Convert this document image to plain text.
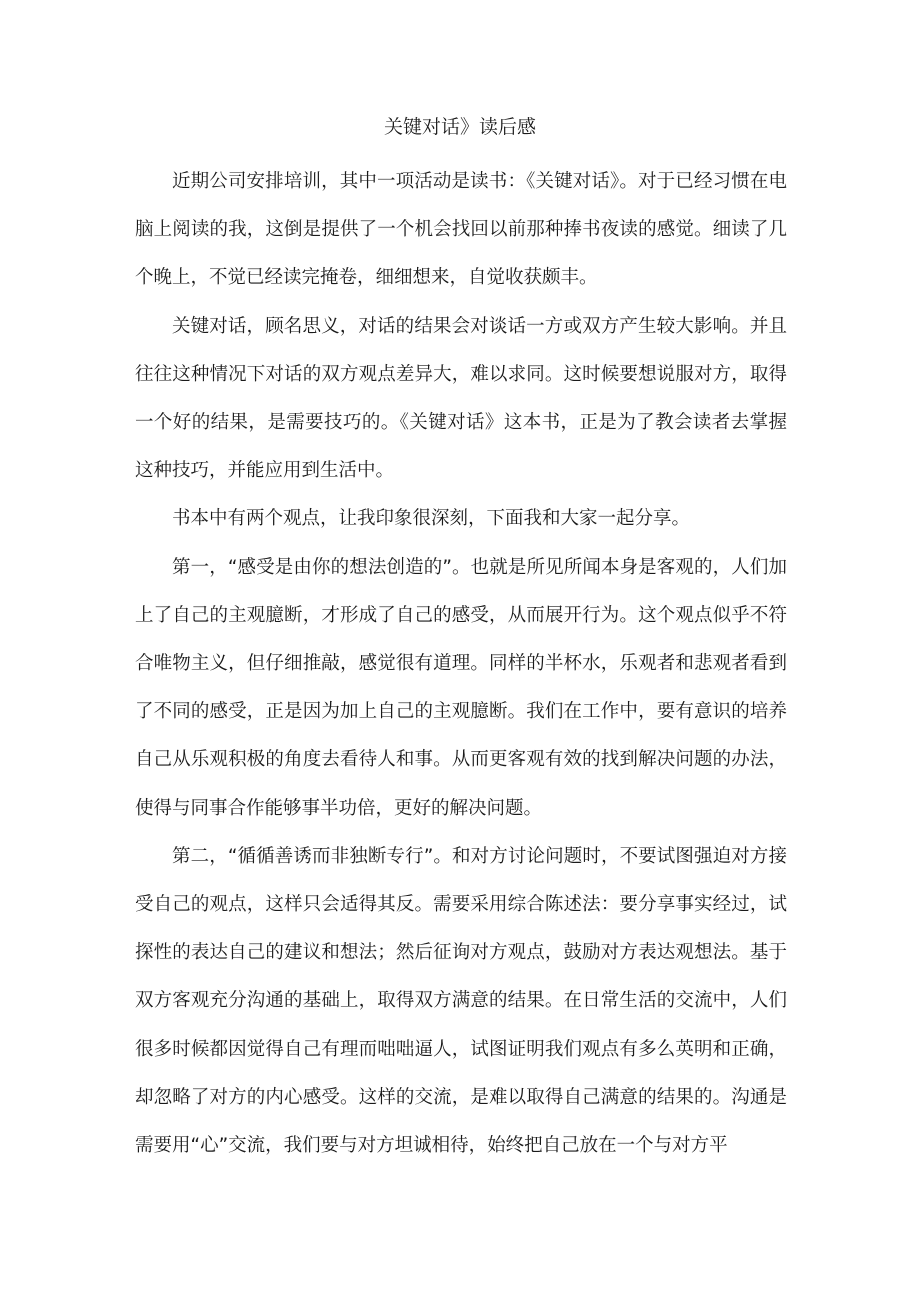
关键对话》读后感

近期公司安排培训，其中一项活动是读书：《关键对话》。对于已经习惯在电脑上阅读的我，这倒是提供了一个机会找回以前那种捧书夜读的感觉。细读了几个晚上，不觉已经读完掩卷，细细想来，自觉收获颇丰。

关键对话，顾名思义，对话的结果会对谈话一方或双方产生较大影响。并且往往这种情况下对话的双方观点差异大，难以求同。这时候要想说服对方，取得一个好的结果，是需要技巧的。《关键对话》这本书，正是为了教会读者去掌握这种技巧，并能应用到生活中。

书本中有两个观点，让我印象很深刻，下面我和大家一起分享。

第一，“感受是由你的想法创造的”。也就是所见所闻本身是客观的，人们加上了自己的主观臆断，才形成了自己的感受，从而展开行为。这个观点似乎不符合唯物主义，但仔细推敲，感觉很有道理。同样的半杯水，乐观者和悲观者看到了不同的感受，正是因为加上自己的主观臆断。我们在工作中，要有意识的培养自己从乐观积极的角度去看待人和事。从而更客观有效的找到解决问题的办法，使得与同事合作能够事半功倍，更好的解决问题。

第二，“循循善诱而非独断专行”。和对方讨论问题时，不要试图强迫对方接受自己的观点，这样只会适得其反。需要采用综合陈述法：要分享事实经过，试探性的表达自己的建议和想法；然后征询对方观点，鼓励对方表达观想法。基于双方客观充分沟通的基础上，取得双方满意的结果。在日常生活的交流中，人们很多时候都因觉得自己有理而咄咄逼人，试图证明我们观点有多么英明和正确，却忽略了对方的内心感受。这样的交流，是难以取得自己满意的结果的。沟通是需要用“心”交流，我们要与对方坦诚相待，始终把自己放在一个与对方平
